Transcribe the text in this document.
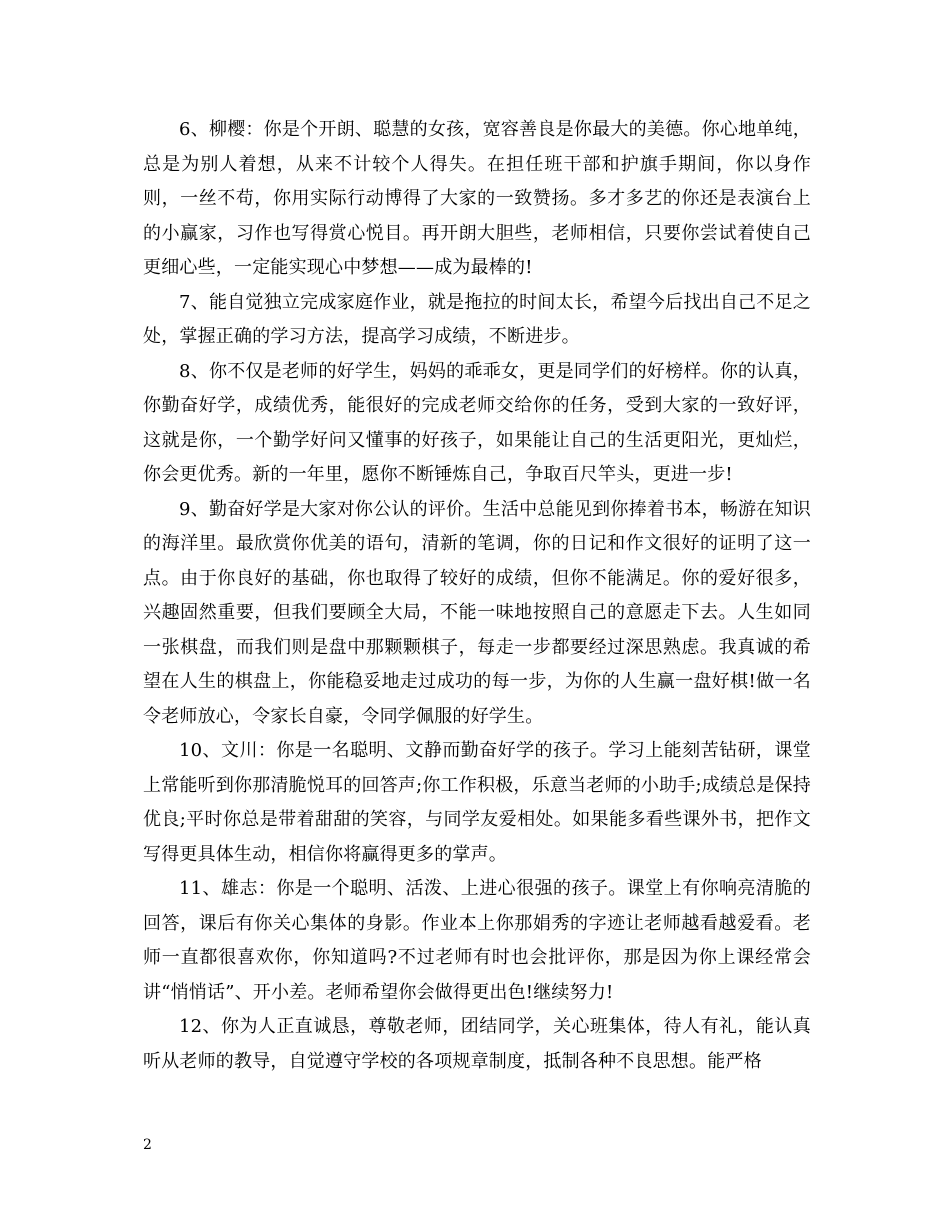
6、柳樱：你是个开朗、聪慧的女孩，宽容善良是你最大的美德。你心地单纯，总是为别人着想，从来不计较个人得失。在担任班干部和护旗手期间，你以身作则，一丝不苟，你用实际行动博得了大家的一致赞扬。多才多艺的你还是表演台上的小赢家，习作也写得赏心悦目。再开朗大胆些，老师相信，只要你尝试着使自己更细心些，一定能实现心中梦想——成为最棒的!

7、能自觉独立完成家庭作业，就是拖拉的时间太长，希望今后找出自己不足之处，掌握正确的学习方法，提高学习成绩，不断进步。

8、你不仅是老师的好学生，妈妈的乖乖女，更是同学们的好榜样。你的认真，你勤奋好学，成绩优秀，能很好的完成老师交给你的任务，受到大家的一致好评，这就是你，一个勤学好问又懂事的好孩子，如果能让自己的生活更阳光，更灿烂，你会更优秀。新的一年里，愿你不断锤炼自己，争取百尺竿头，更进一步!

9、勤奋好学是大家对你公认的评价。生活中总能见到你捧着书本，畅游在知识的海洋里。最欣赏你优美的语句，清新的笔调，你的日记和作文很好的证明了这一点。由于你良好的基础，你也取得了较好的成绩，但你不能满足。你的爱好很多，兴趣固然重要，但我们要顾全大局，不能一味地按照自己的意愿走下去。人生如同一张棋盘，而我们则是盘中那颗颗棋子，每走一步都要经过深思熟虑。我真诚的希望在人生的棋盘上，你能稳妥地走过成功的每一步，为你的人生赢一盘好棋!做一名令老师放心，令家长自豪，令同学佩服的好学生。

10、文川：你是一名聪明、文静而勤奋好学的孩子。学习上能刻苦钻研，课堂上常能听到你那清脆悦耳的回答声;你工作积极，乐意当老师的小助手;成绩总是保持优良;平时你总是带着甜甜的笑容，与同学友爱相处。如果能多看些课外书，把作文写得更具体生动，相信你将赢得更多的掌声。

11、雄志：你是一个聪明、活泼、上进心很强的孩子。课堂上有你响亮清脆的回答，课后有你关心集体的身影。作业本上你那娟秀的字迹让老师越看越爱看。老师一直都很喜欢你，你知道吗?不过老师有时也会批评你，那是因为你上课经常会讲“悄悄话”、开小差。老师希望你会做得更出色!继续努力!

12、你为人正直诚恳，尊敬老师，团结同学，关心班集体，待人有礼，能认真听从老师的教导，自觉遵守学校的各项规章制度，抵制各种不良思想。能严格

2
